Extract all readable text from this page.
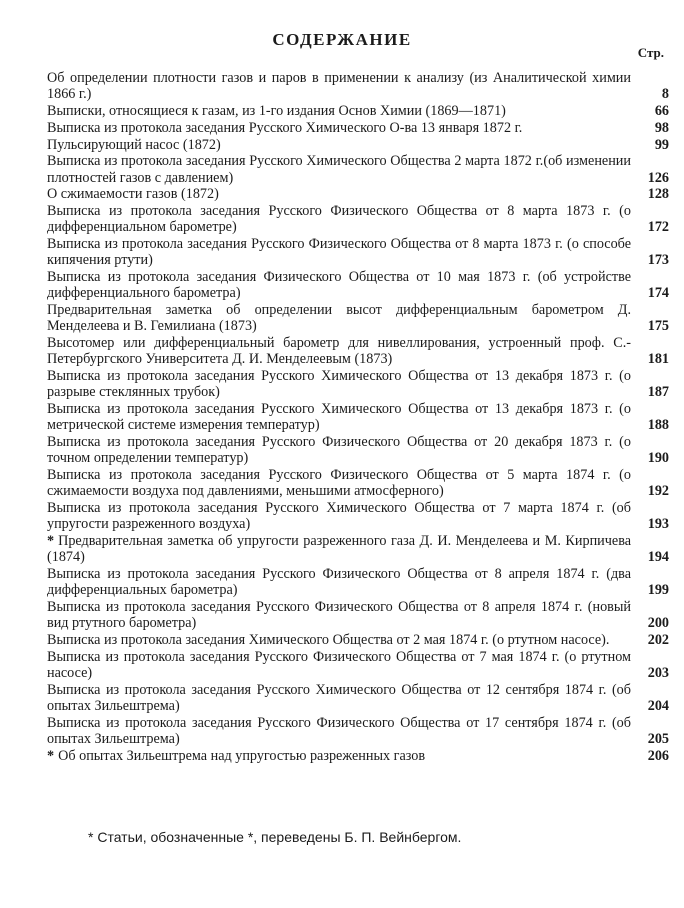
СОДЕРЖАНИЕ
Стр.
Об определении плотности газов и паров в применении к анализу (из Аналитической химии 1866 г.)	8
Выписки, относящиеся к газам, из 1-го издания Основ Химии (1869—1871)	66
Выписка из протокола заседания Русского Химического О-ва 13 января 1872 г.	98
Пульсирующий насос (1872)	99
Выписка из протокола заседания Русского Химического Общества 2 марта 1872 г.(об изменении плотностей газов с давлением)	126
О сжимаемости газов (1872)	128
Выписка из протокола заседания Русского Физического Общества от 8 марта 1873 г. (о дифференциальном барометре)	172
Выписка из протокола заседания Русского Физического Общества от 8 марта 1873 г. (о способе кипячения ртути)	173
Выписка из протокола заседания Физического Общества от 10 мая 1873 г. (об устройстве дифференциального барометра)	174
Предварительная заметка об определении высот дифференциальным барометром Д. Менделеева и В. Гемилиана (1873)	175
Высотомер или дифференциальный барометр для нивеллирования, устроенный проф. С.-Петербургского Университета Д. И. Менделеевым (1873)	181
Выписка из протокола заседания Русского Химического Общества от 13 декабря 1873 г. (о разрыве стеклянных трубок)	187
Выписка из протокола заседания Русского Химического Общества от 13 декабря 1873 г. (о метрической системе измерения температур)	188
Выписка из протокола заседания Русского Физического Общества от 20 декабря 1873 г. (о точном определении температур)	190
Выписка из протокола заседания Русского Физического Общества от 5 марта 1874 г. (о сжимаемости воздуха под давлениями, меньшими атмосферного)	192
Выписка из протокола заседания Русского Химического Общества от 7 марта 1874 г. (об упругости разреженного воздуха)	193
* Предварительная заметка об упругости разреженного газа Д. И. Менделеева и М. Кирпичева (1874)	194
Выписка из протокола заседания Русского Физического Общества от 8 апреля 1874 г. (два дифференциальных барометра)	199
Выписка из протокола заседания Русского Физического Общества от 8 апреля 1874 г. (новый вид ртутного барометра)	200
Выписка из протокола заседания Химического Общества от 2 мая 1874 г. (о ртутном насосе).	202
Выписка из протокола заседания Русского Физического Общества от 7 мая 1874 г. (о ртутном насосе)	203
Выписка из протокола заседания Русского Химического Общества от 12 сентября 1874 г. (об опытах Зильештрема)	204
Выписка из протокола заседания Русского Физического Общества от 17 сентября 1874 г. (об опытах Зильештрема)	205
* Об опытах Зильештрема над упругостью разреженных газов	206
* Статьи, обозначенные *, переведены Б. П. Вейнбергом.
